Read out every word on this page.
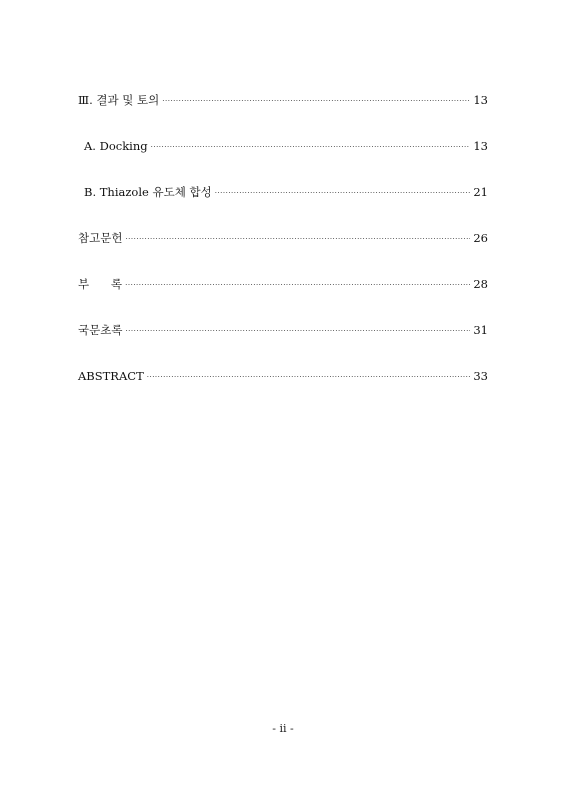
Ⅲ. 결과 및 토의 ·····	13
A. Docking ·····	13
B. Thiazole 유도체 합성 ·····	21
참고문헌 ·····	26
부      록 ·····	28
국문초록 ·····	31
ABSTRACT ·····	33
- ii -
